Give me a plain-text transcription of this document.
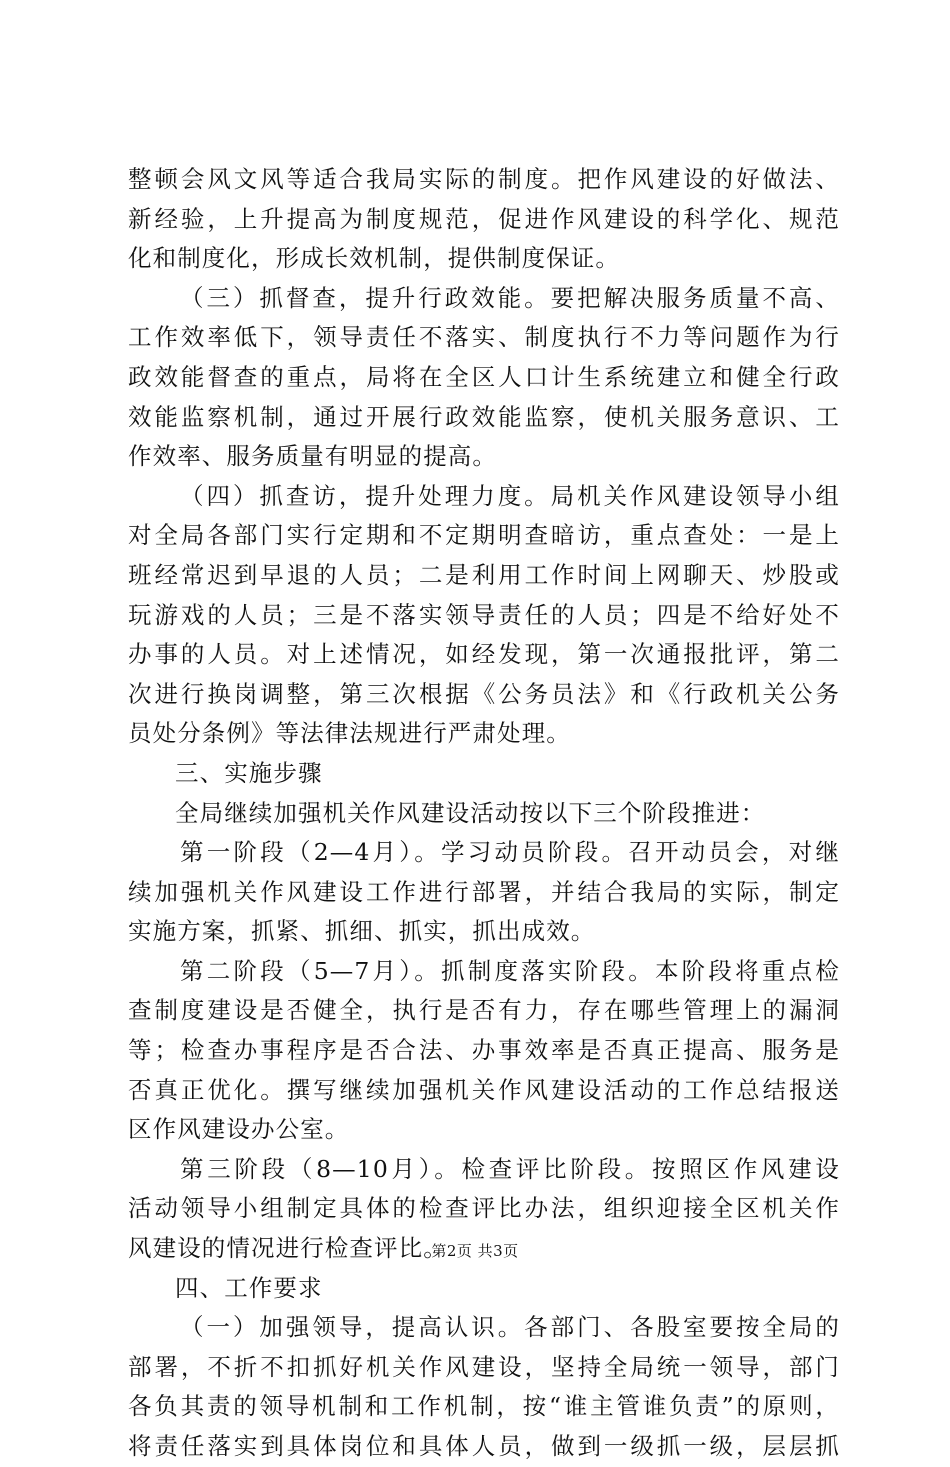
整顿会风文风等适合我局实际的制度。把作风建设的好做法、
新经验，上升提高为制度规范，促进作风建设的科学化、规范
化和制度化，形成长效机制，提供制度保证。
（三）抓督查，提升行政效能。要把解决服务质量不高、
工作效率低下，领导责任不落实、制度执行不力等问题作为行
政效能督查的重点，局将在全区人口计生系统建立和健全行政
效能监察机制，通过开展行政效能监察，使机关服务意识、工
作效率、服务质量有明显的提高。
（四）抓查访，提升处理力度。局机关作风建设领导小组
对全局各部门实行定期和不定期明查暗访，重点查处：一是上
班经常迟到早退的人员；二是利用工作时间上网聊天、炒股或
玩游戏的人员；三是不落实领导责任的人员；四是不给好处不
办事的人员。对上述情况，如经发现，第一次通报批评，第二
次进行换岗调整，第三次根据《公务员法》和《行政机关公务
员处分条例》等法律法规进行严肃处理。
三、实施步骤
全局继续加强机关作风建设活动按以下三个阶段推进：
第一阶段（2—4月）。学习动员阶段。召开动员会，对继
续加强机关作风建设工作进行部署，并结合我局的实际，制定
实施方案，抓紧、抓细、抓实，抓出成效。
第二阶段（5—7月）。抓制度落实阶段。本阶段将重点检
查制度建设是否健全，执行是否有力，存在哪些管理上的漏洞
等；检查办事程序是否合法、办事效率是否真正提高、服务是
否真正优化。撰写继续加强机关作风建设活动的工作总结报送
区作风建设办公室。
第三阶段（8—10月）。检查评比阶段。按照区作风建设
活动领导小组制定具体的检查评比办法，组织迎接全区机关作
风建设的情况进行检查评比。
四、工作要求
（一）加强领导，提高认识。各部门、各股室要按全局的
部署，不折不扣抓好机关作风建设，坚持全局统一领导，部门
各负其责的领导机制和工作机制，按“谁主管谁负责”的原则，
将责任落实到具体岗位和具体人员，做到一级抓一级，层层抓
第2页 共3页
